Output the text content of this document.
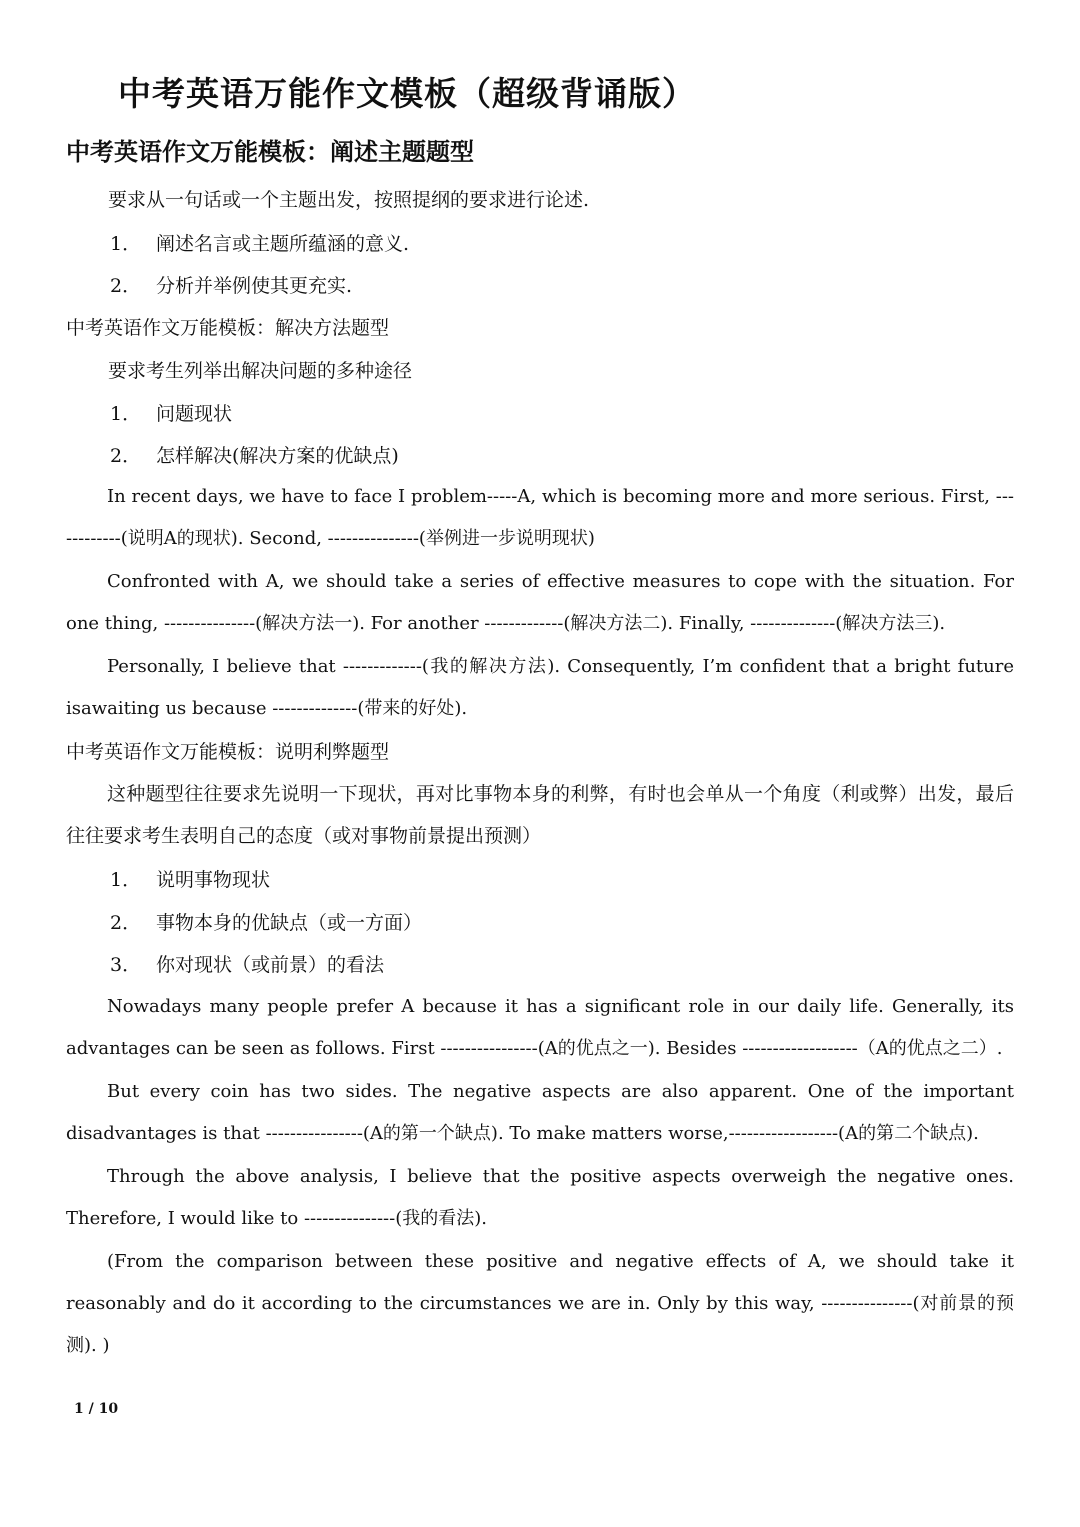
中考英语万能作文模板（超级背诵版）
中考英语作文万能模板：阐述主题题型
要求从一句话或一个主题出发，按照提纲的要求进行论述.
1． 阐述名言或主题所蕴涵的意义.
2． 分析并举例使其更充实.
中考英语作文万能模板：解决方法题型
要求考生列举出解决问题的多种途径
1． 问题现状
2． 怎样解决(解决方案的优缺点)
In recent days, we have to face I problem-----A, which is becoming more and more serious. First, ------------(说明A的现状). Second, ---------------(举例进一步说明现状)
Confronted with A, we should take a series of effective measures to cope with the situation. For one thing, ---------------(解决方法一). For another -------------(解决方法二). Finally, --------------(解决方法三).
Personally, I believe that -------------(我的解决方法). Consequently, I’m confident that a bright future isawaiting us because --------------(带来的好处).
中考英语作文万能模板：说明利弊题型
这种题型往往要求先说明一下现状，再对比事物本身的利弊，有时也会单从一个角度（利或弊）出发，最后往往要求考生表明自己的态度（或对事物前景提出预测）
1． 说明事物现状
2． 事物本身的优缺点（或一方面）
3． 你对现状（或前景）的看法
Nowadays many people prefer A because it has a significant role in our daily life. Generally, its advantages can be seen as follows. First ----------------(A的优点之一). Besides -------------------（A的优点之二）.
But every coin has two sides. The negative aspects are also apparent. One of the important disadvantages is that ----------------(A的第一个缺点). To make matters worse,------------------(A的第二个缺点).
Through the above analysis, I believe that the positive aspects overweigh the negative ones. Therefore, I would like to ---------------(我的看法).
(From the comparison between these positive and negative effects of A, we should take it reasonably and do it according to the circumstances we are in. Only by this way, ---------------(对前景的预测). )
1 / 10
